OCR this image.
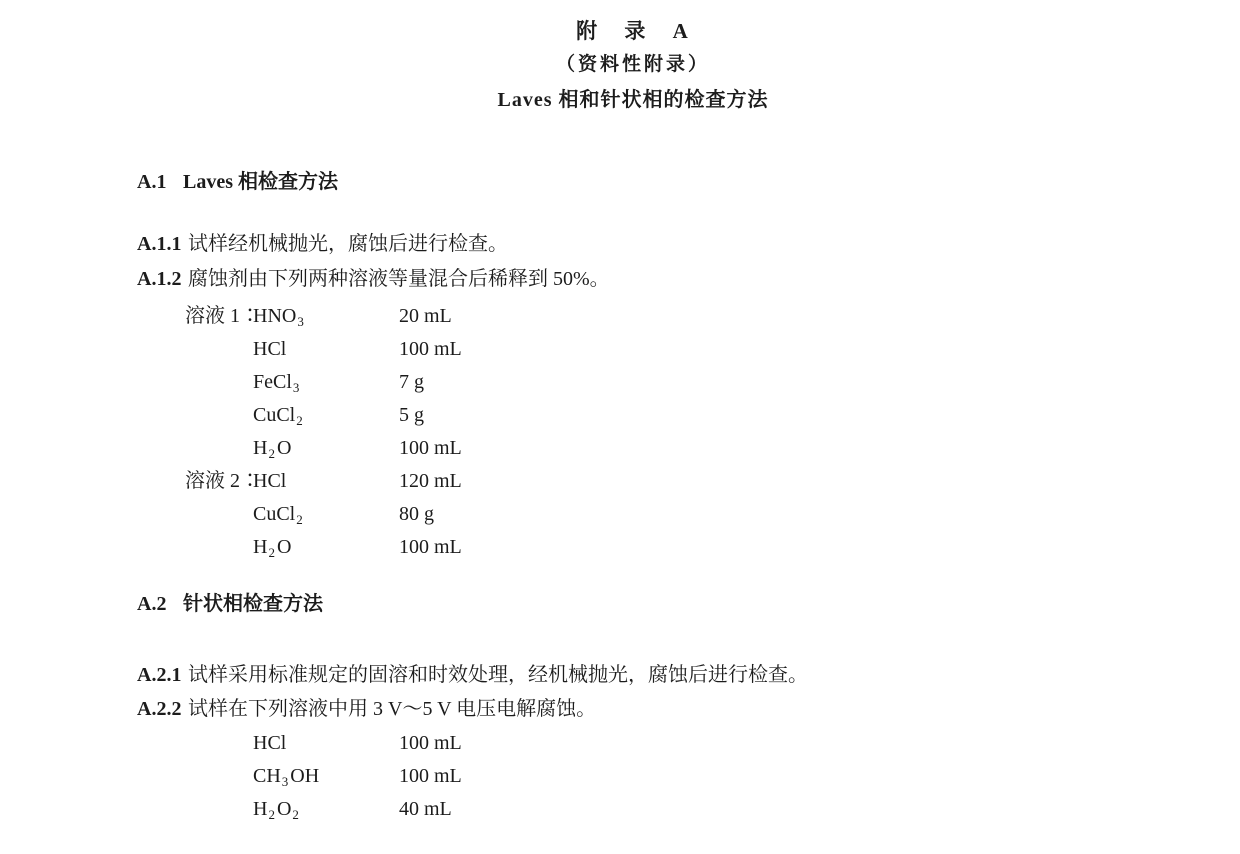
附 录 A
（资料性附录）
Laves 相和针状相的检查方法
A.1 Laves 相检查方法
A.1.1 试样经机械抛光，腐蚀后进行检查。
A.1.2 腐蚀剂由下列两种溶液等量混合后稀释到 50%。
溶液 1∶
$HNO_3$	20 mL
HCl	100 mL
FeCl$_3$	7 g
CuCl$_2$	5 g
$H_2$ O	100 mL
溶液 2∶
HCl	120 mL
CuCl$_2$	80 g
$H_2$ O	100 mL
A.2 针状相检查方法
A.2.1 试样采用标准规定的固溶和时效处理，经机械抛光，腐蚀后进行检查。
A.2.2 试样在下列溶液中用 3 V～5 V 电压电解腐蚀。
HCl	100 mL
$CH_3$ OH	100 mL
$H_2$ $O_2$	40 mL
